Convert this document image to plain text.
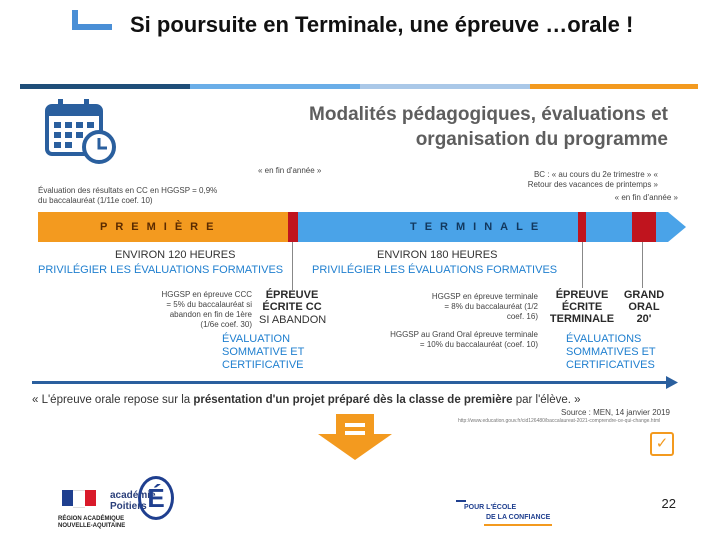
Si poursuite en Terminale, une épreuve …orale !
Modalités pédagogiques, évaluations et organisation du programme
« en fin d'année »
Évaluation des résultats en CC en HGGSP = 0,9% du baccalauréat (1/11e coef. 10)
BC : « au cours du 2e trimestre » « Retour des vacances de printemps »
« en fin d'année »
PREMIÈRE	TERMINALE
ENVIRON 120 HEURES	ENVIRON 180 HEURES
PRIVILÉGIER LES ÉVALUATIONS FORMATIVES	PRIVILÉGIER LES ÉVALUATIONS FORMATIVES
HGGSP en épreuve CCC = 5% du baccalauréat si abandon en fin de 1ère (1/6e coef. 30)
ÉPREUVE ÉCRITE CC
SI ABANDON
HGGSP en épreuve terminale = 8% du baccalauréat (1/2 coef. 16)
ÉPREUVE ÉCRITE TERMINALE
GRAND ORAL 20'
ÉVALUATION SOMMATIVE ET CERTIFICATIVE
HGGSP au Grand Oral épreuve terminale = 10% du baccalauréat (coef. 10)	ÉVALUATIONS SOMMATIVES ET CERTIFICATIVES
« L'épreuve orale repose sur la présentation d'un projet préparé dès la classe de première par l'élève. »
Source : MEN, 14 janvier 2019
http://www.education.gouv.fr/cid126480/baccalaureat-2021-comprendre-ce-qui-change.html
✓
RÉGION ACADÉMIQUE
NOUVELLE-AQUITAINE
académie
Poitiers É	POUR L'ÉCOLE
DE LA CONFIANCE
22
